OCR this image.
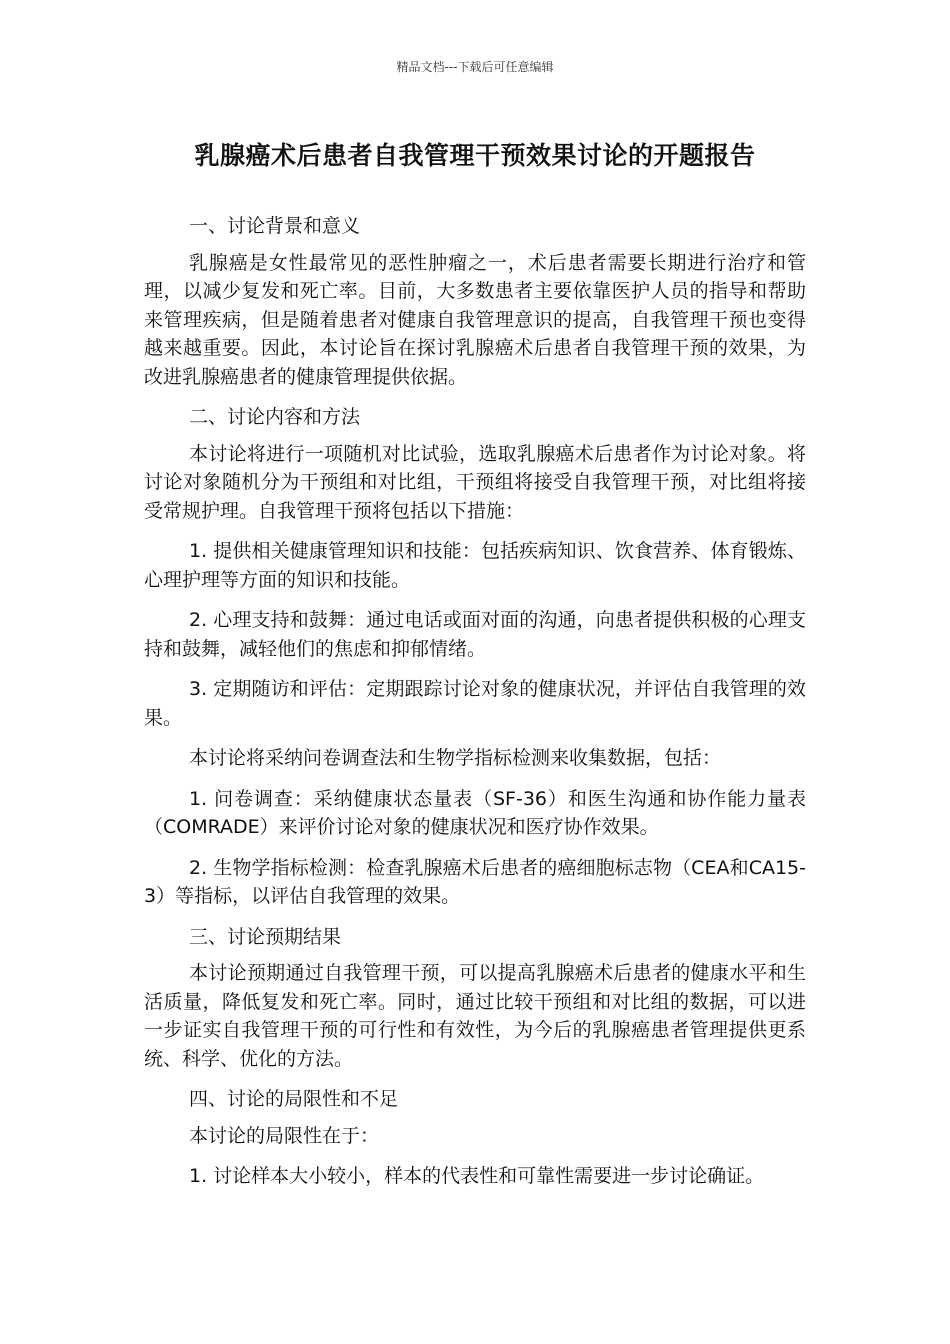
精品文档---下载后可任意编辑
乳腺癌术后患者自我管理干预效果讨论的开题报告

一、讨论背景和意义

乳腺癌是女性最常见的恶性肿瘤之一，术后患者需要长期进行治疗和管理，以减少复发和死亡率。目前，大多数患者主要依靠医护人员的指导和帮助来管理疾病，但是随着患者对健康自我管理意识的提高，自我管理干预也变得越来越重要。因此，本讨论旨在探讨乳腺癌术后患者自我管理干预的效果，为改进乳腺癌患者的健康管理提供依据。

二、讨论内容和方法

本讨论将进行一项随机对比试验，选取乳腺癌术后患者作为讨论对象。将讨论对象随机分为干预组和对比组，干预组将接受自我管理干预，对比组将接受常规护理。自我管理干预将包括以下措施：

1. 提供相关健康管理知识和技能：包括疾病知识、饮食营养、体育锻炼、心理护理等方面的知识和技能。

2. 心理支持和鼓舞：通过电话或面对面的沟通，向患者提供积极的心理支持和鼓舞，减轻他们的焦虑和抑郁情绪。

3. 定期随访和评估：定期跟踪讨论对象的健康状况，并评估自我管理的效果。

本讨论将采纳问卷调查法和生物学指标检测来收集数据，包括：

1. 问卷调查：采纳健康状态量表（SF-36）和医生沟通和协作能力量表（COMRADE）来评价讨论对象的健康状况和医疗协作效果。

2. 生物学指标检测：检查乳腺癌术后患者的癌细胞标志物（CEA和CA15-3）等指标，以评估自我管理的效果。

三、讨论预期结果

本讨论预期通过自我管理干预，可以提高乳腺癌术后患者的健康水平和生活质量，降低复发和死亡率。同时，通过比较干预组和对比组的数据，可以进一步证实自我管理干预的可行性和有效性，为今后的乳腺癌患者管理提供更系统、科学、优化的方法。

四、讨论的局限性和不足

本讨论的局限性在于：

1. 讨论样本大小较小，样本的代表性和可靠性需要进一步讨论确证。
